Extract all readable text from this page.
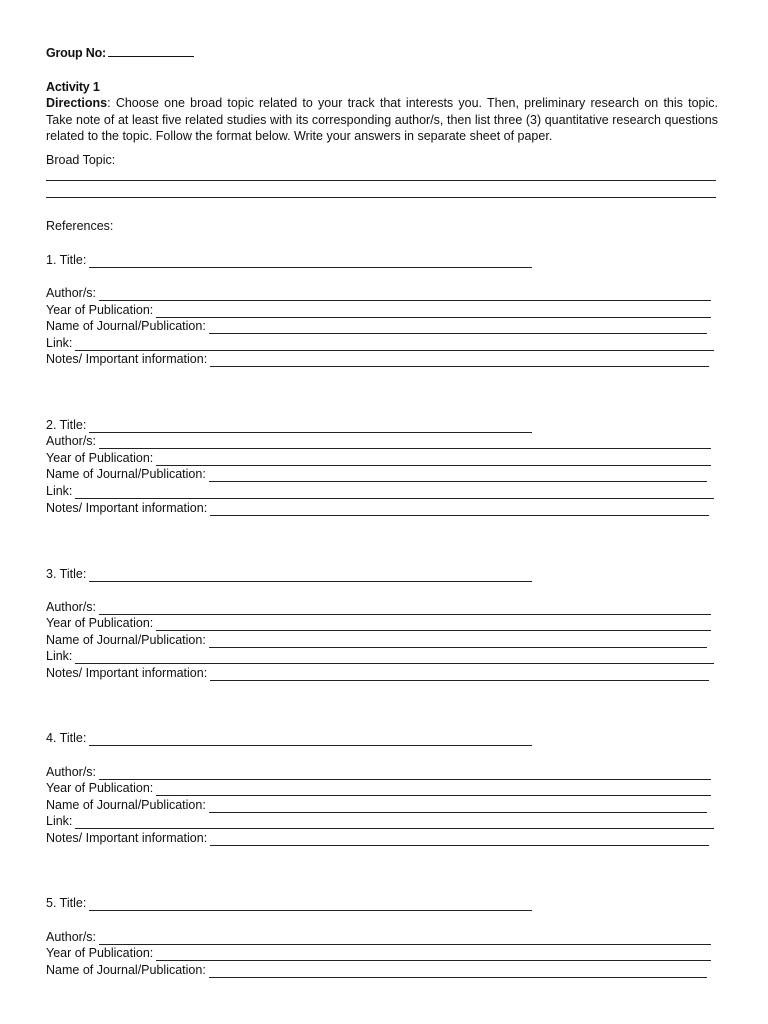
Group No:
Activity 1
Directions: Choose one broad topic related to your track that interests you. Then, preliminary research on this topic. Take note of at least five related studies with its corresponding author/s, then list three (3) quantitative research questions related to the topic. Follow the format below. Write your answers in separate sheet of paper.
Broad Topic:
References:
1. Title:
Author/s:
Year of Publication:
Name of Journal/Publication:
Link:
Notes/ Important information:
2. Title:
Author/s:
Year of Publication:
Name of Journal/Publication:
Link:
Notes/ Important information:
3. Title:
Author/s:
Year of Publication:
Name of Journal/Publication:
Link:
Notes/ Important information:
4. Title:
Author/s:
Year of Publication:
Name of Journal/Publication:
Link:
Notes/ Important information:
5. Title:
Author/s:
Year of Publication:
Name of Journal/Publication:
